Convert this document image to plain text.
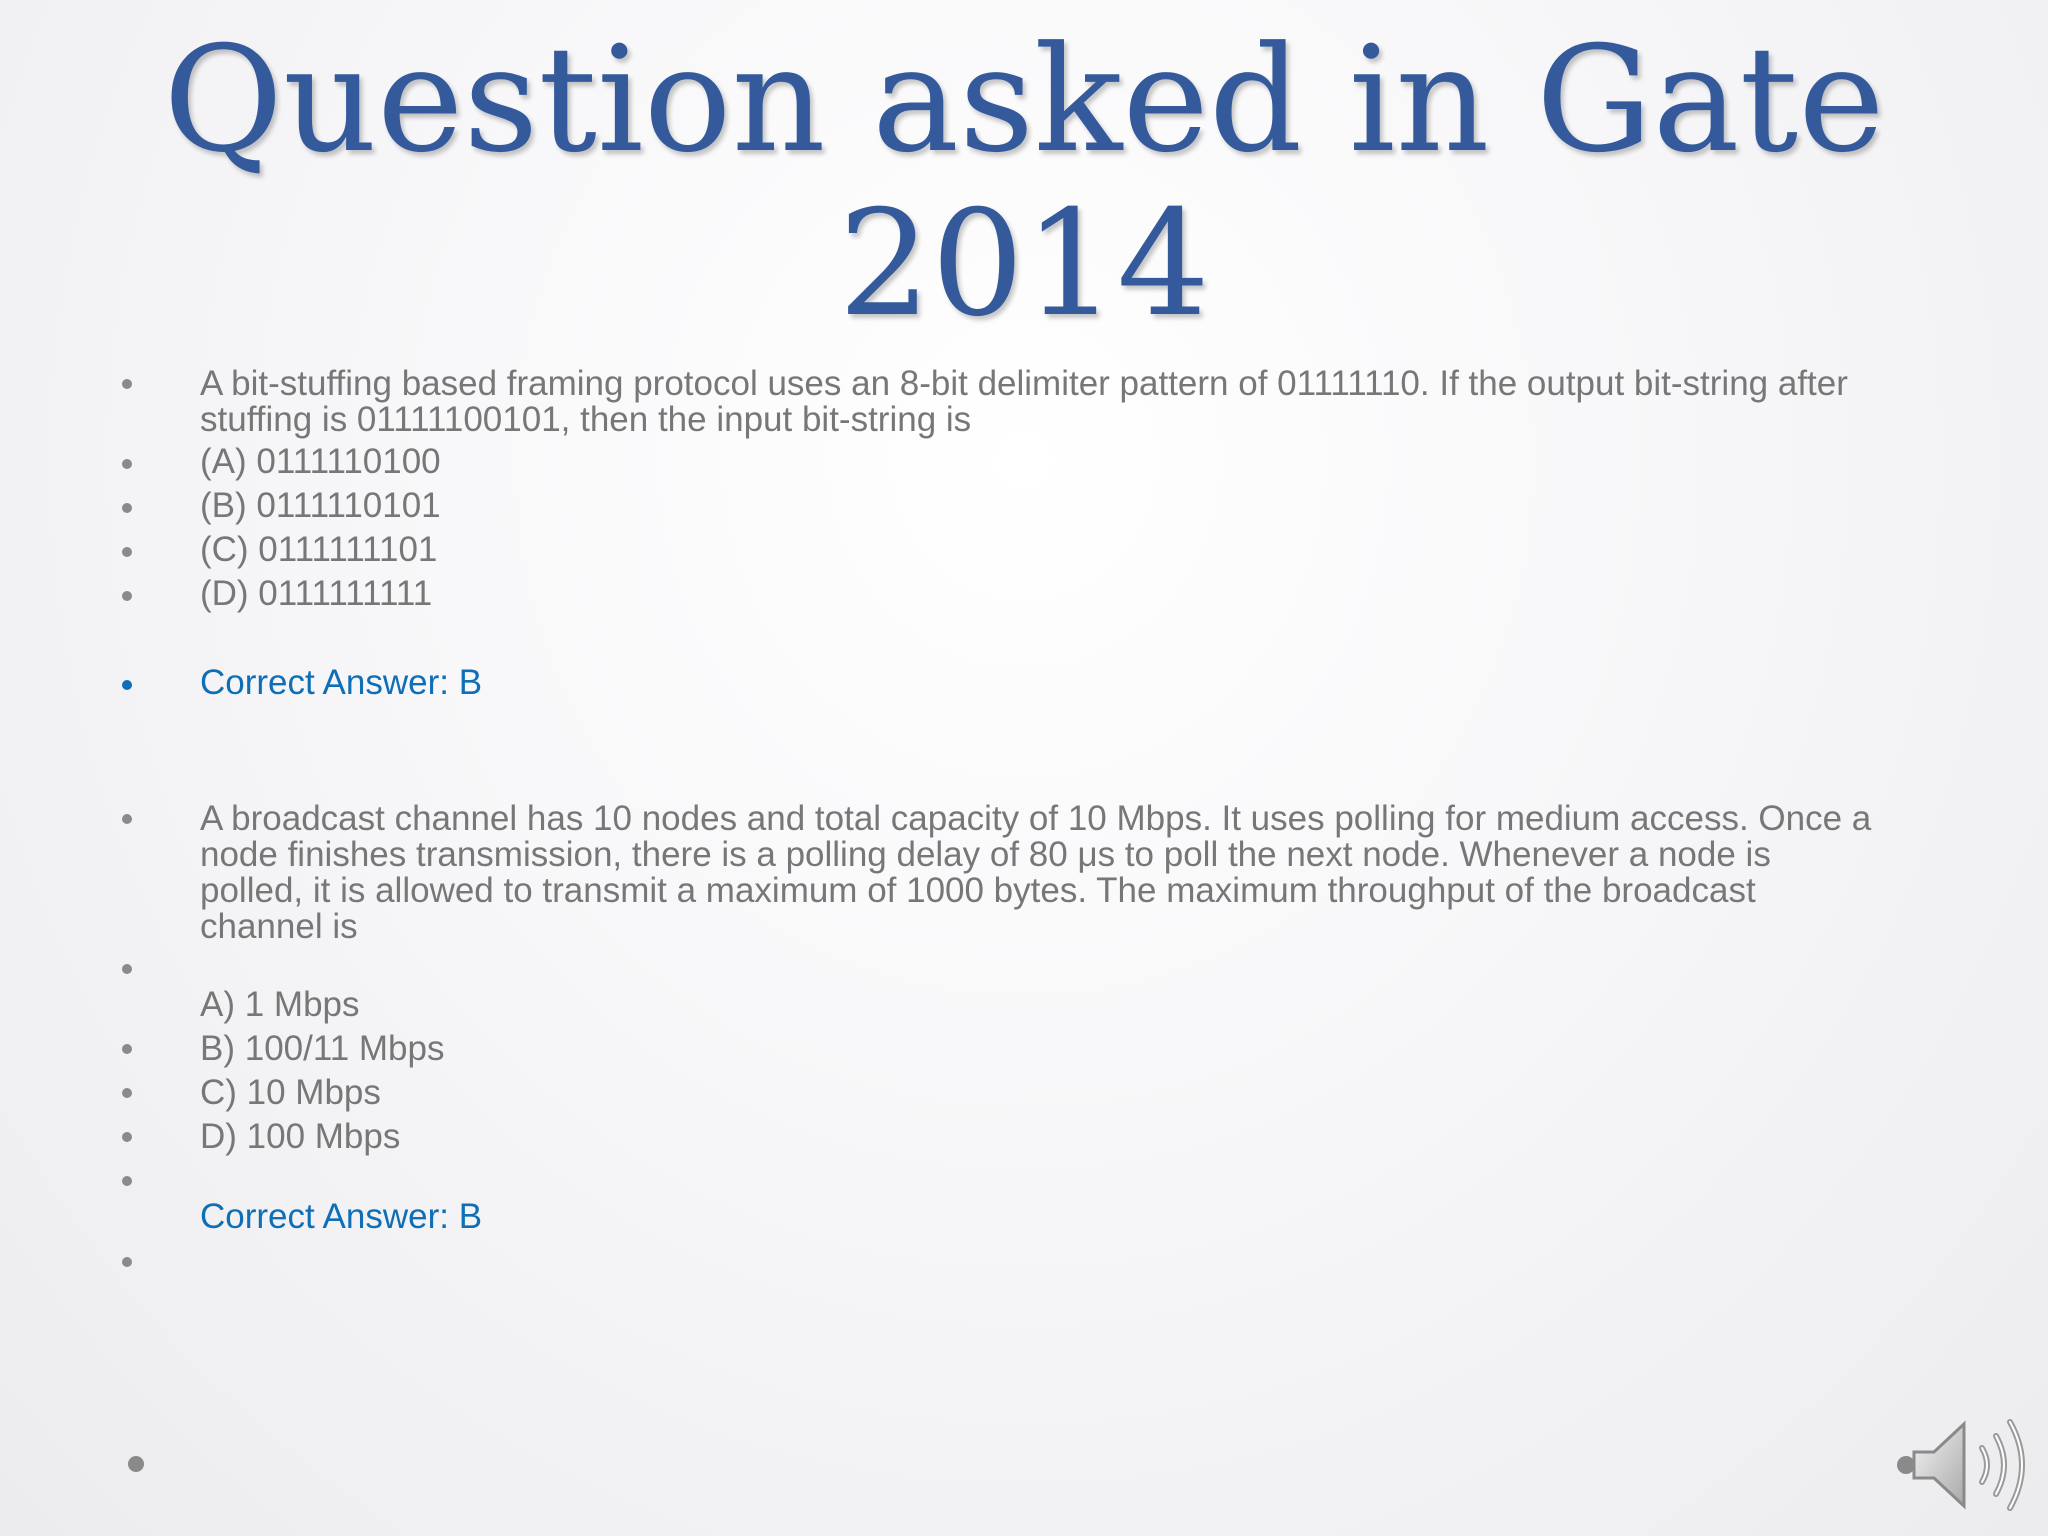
Question asked in Gate
2014
A bit-stuffing based framing protocol uses an 8-bit delimiter pattern of 01111110. If the output bit-string after stuffing is 01111100101, then the input bit-string is
(A) 0111110100
(B) 0111110101
(C) 0111111101
(D) 0111111111
Correct Answer: B
A broadcast channel has 10 nodes and total capacity of 10 Mbps. It uses polling for medium access. Once a node finishes transmission, there is a polling delay of 80 μs to poll the next node. Whenever a node is polled, it is allowed to transmit a maximum of 1000 bytes. The maximum throughput of the broadcast channel is
A) 1 Mbps
B) 100/11 Mbps
C) 10 Mbps
D) 100 Mbps
Correct Answer: B
